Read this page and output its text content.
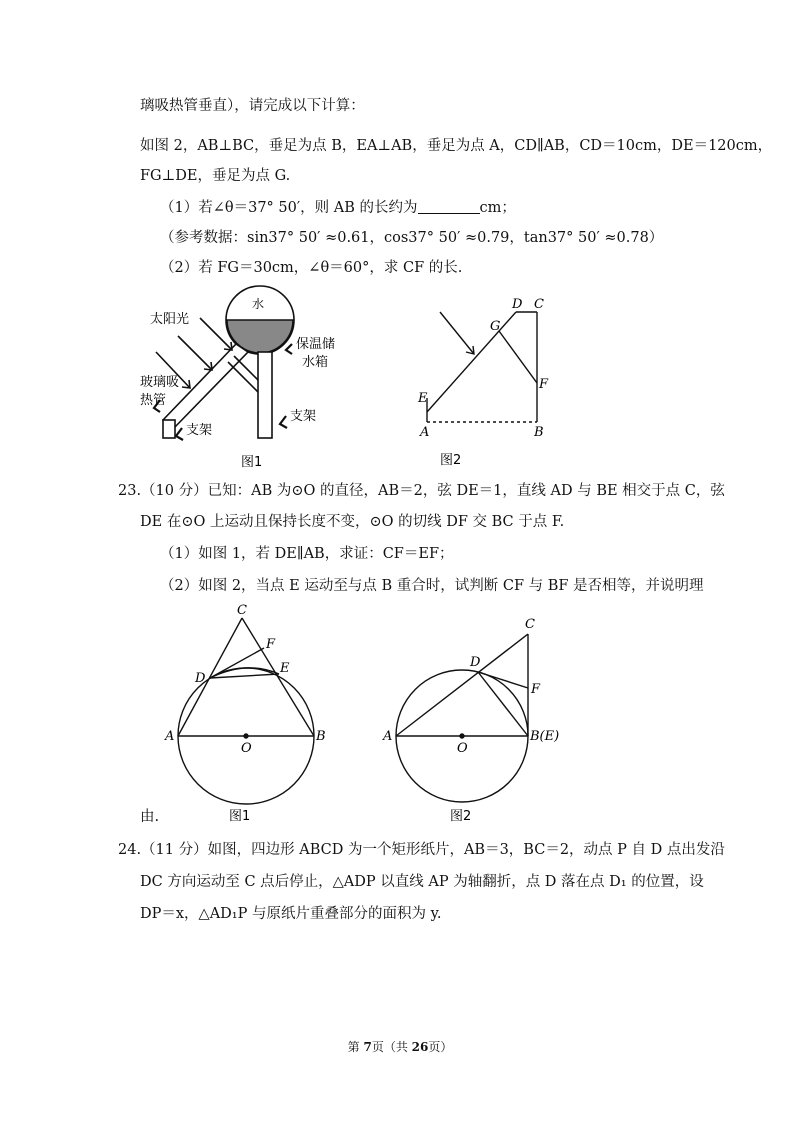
璃吸热管垂直），请完成以下计算：
如图 2，AB⊥BC，垂足为点 B，EA⊥AB，垂足为点 A，CD∥AB，CD＝10cm，DE＝120cm，
FG⊥DE，垂足为点 G.
（1）若∠θ＝37° 50′，则 AB 的长约为	cm；
（参考数据：sin37° 50′ ≈0.61，cos37° 50′ ≈0.79，tan37° 50′ ≈0.78）
（2）若 FG＝30cm，∠θ＝60°，求 CF 的长.
水
太阳光
保温储
水箱
玻璃吸
热管
支架
支架
图1
D C
G
F
E
A	B
图2
23.（10 分）已知：AB 为⊙O 的直径，AB＝2，弦 DE＝1，直线 AD 与 BE 相交于点 C，弦
DE 在⊙O 上运动且保持长度不变，⊙O 的切线 DF 交 BC 于点 F.
（1）如图 1，若 DE∥AB，求证：CF＝EF；
（2）如图 2，当点 E 运动至与点 B 重合时，试判断 CF 与 BF 是否相等，并说明理
C
F
D
E
A
O
B
图1
C
D
F
A
O
B(E)
图2
由.
24.（11 分）如图，四边形 ABCD 为一个矩形纸片，AB＝3，BC＝2，动点 P 自 D 点出发沿
DC 方向运动至 C 点后停止，△ADP 以直线 AP 为轴翻折，点 D 落在点 D₁ 的位置，设
DP＝x，△AD₁P 与原纸片重叠部分的面积为 y.
第 7页（共 26页）
